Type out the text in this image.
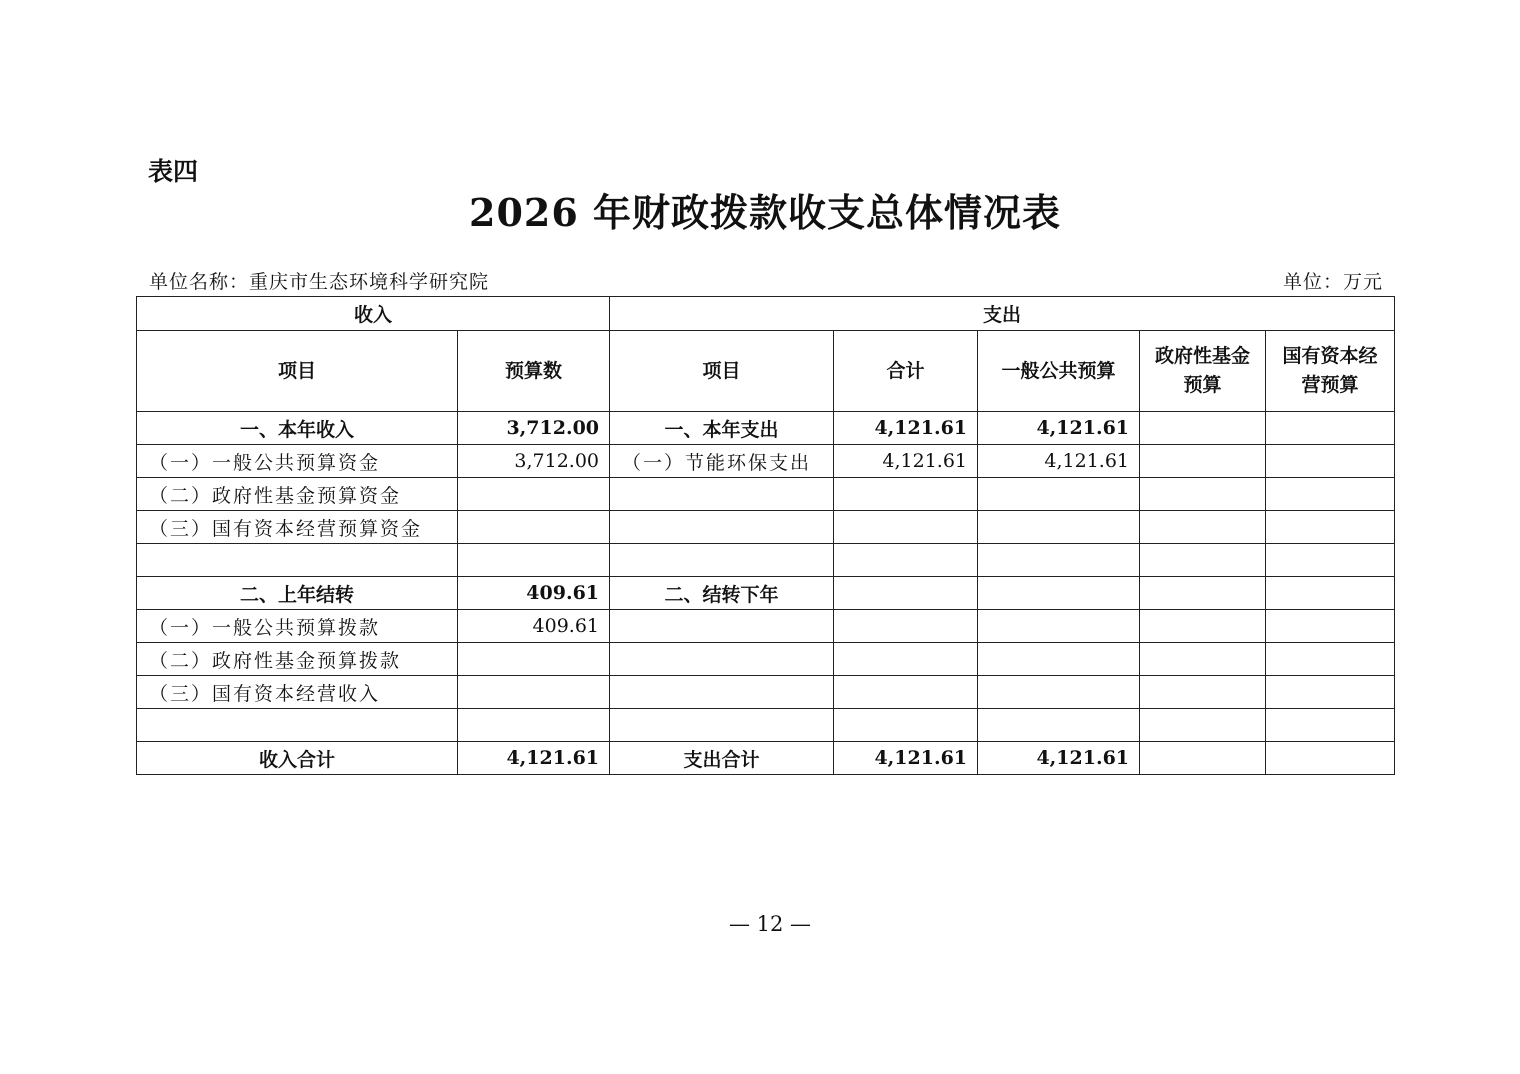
表四
2026 年财政拨款收支总体情况表
单位名称：重庆市生态环境科学研究院	单位：万元
收入		支出				
项目	预算数	项目	合计	一般公共预算	政府性基金预算	国有资本经营预算
一、本年收入	3,712.00	一、本年支出	4,121.61	4,121.61		
（一）一般公共预算资金	3,712.00	（一）节能环保支出	4,121.61	4,121.61		
（二）政府性基金预算资金						
（三）国有资本经营预算资金						

二、上年结转	409.61	二、结转下年				
（一）一般公共预算拨款	409.61					
（二）政府性基金预算拨款						
（三）国有资本经营收入						

收入合计	4,121.61	支出合计	4,121.61	4,121.61		
— 12 —
